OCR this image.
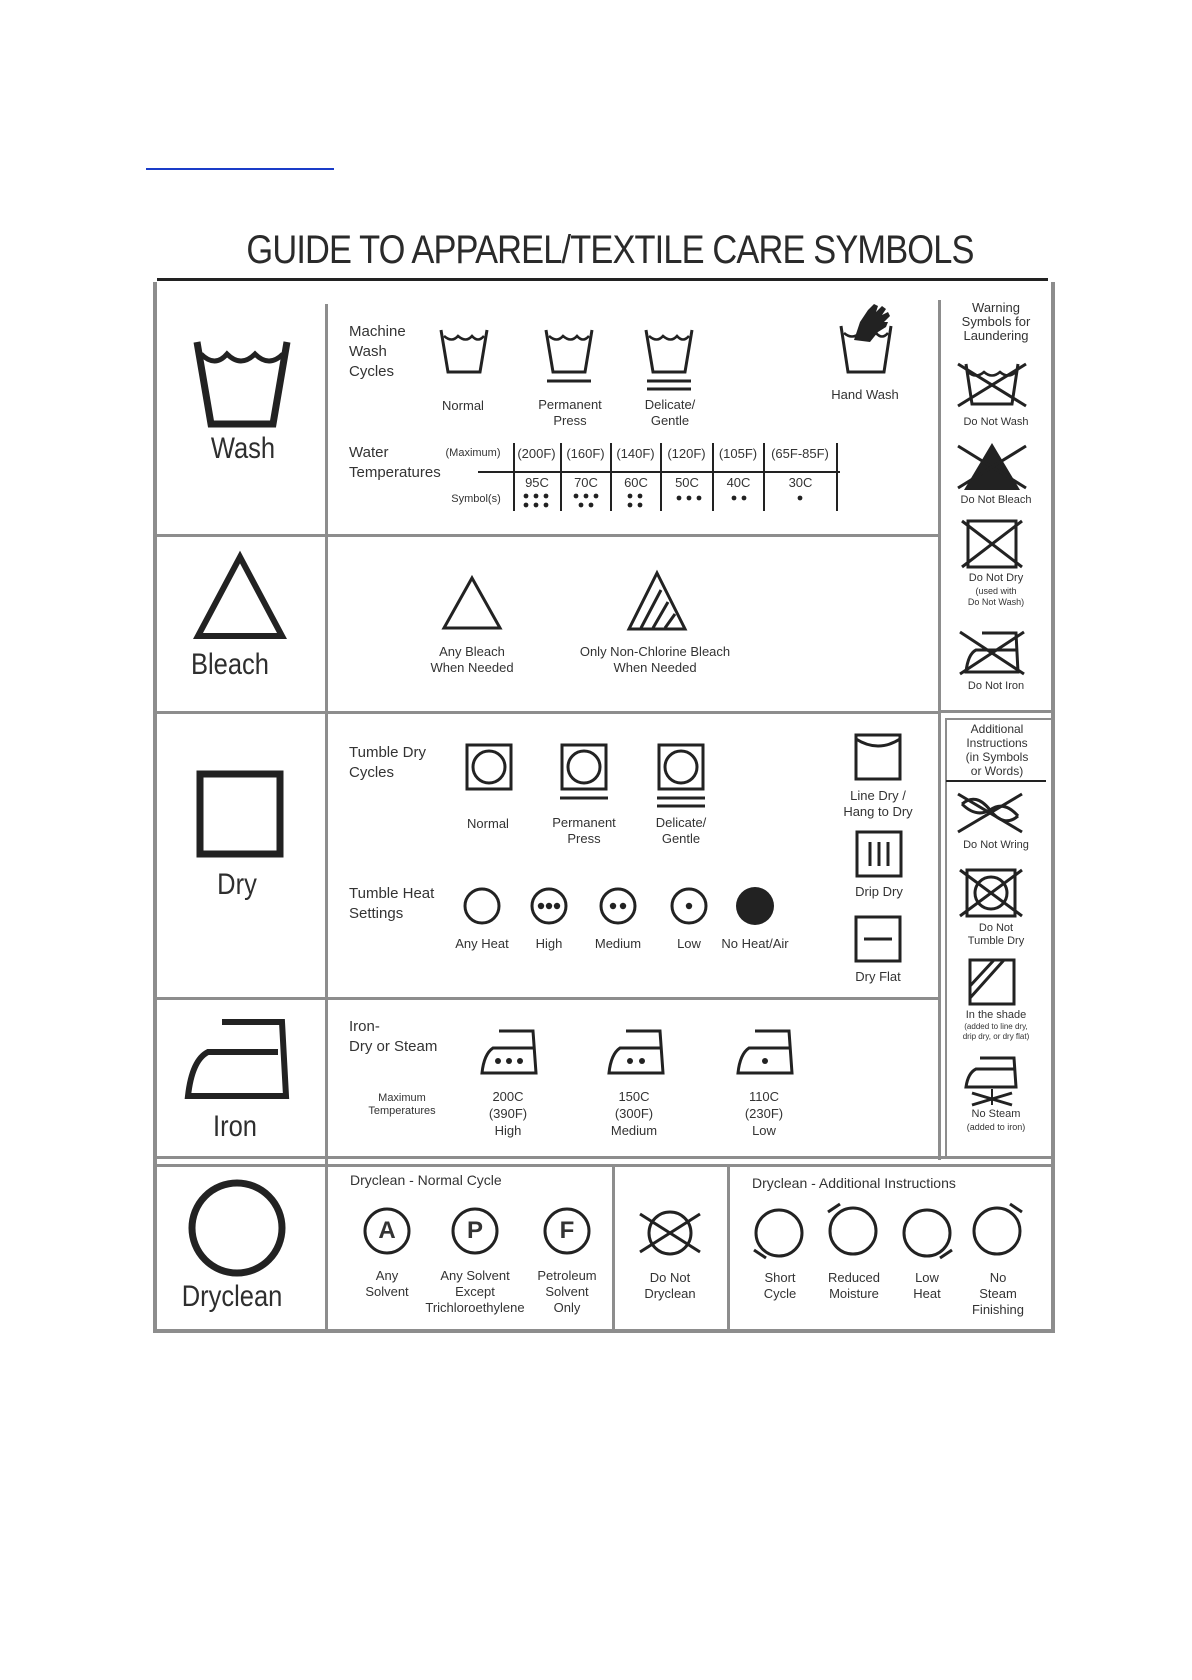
GUIDE TO APPAREL/TEXTILE CARE SYMBOLS
Wash
Machine
Wash
Cycles
Normal	Permanent
Press
Delicate/
Gentle
Hand Wash
Water
Temperatures
(Maximum)
Symbol(s)
(200F) (160F) (140F) (120F)	(105F)	(65F-85F)
95C	70C	60C	50C	40C	30C
Bleach	Any Bleach
When Needed
Only Non-Chlorine Bleach
When Needed
Dry
Tumble Dry
Cycles
Normal	Permanent
Press
Delicate/
Gentle
Tumble Heat
Settings
Any Heat	High	Medium	Low	No Heat/Air
Line Dry /
Hang to Dry
Drip Dry
Dry Flat
Iron
Iron-
Dry or Steam
Maximum
Temperatures
200C
(390F)
High
150C
(300F)
Medium
110C
(230F)
Low
Dryclean
Dryclean - Normal Cycle
A
Any
Solvent
P
Any Solvent
Except
Trichloroethylene
F
Petroleum
Solvent
Only
Do Not
Dryclean
Dryclean - Additional Instructions
Short
Cycle
Reduced
Moisture
Low
Heat
No
Steam
Finishing
Warning
Symbols for
Laundering
Do Not Wash
Do Not Bleach
Do Not Dry
(used with
Do Not Wash)
Do Not Iron
Additional
Instructions
(in Symbols
or Words)
Do Not Wring
Do Not
Tumble Dry
In the shade
(added to line dry,
drip dry, or dry flat)
No Steam
(added to iron)
